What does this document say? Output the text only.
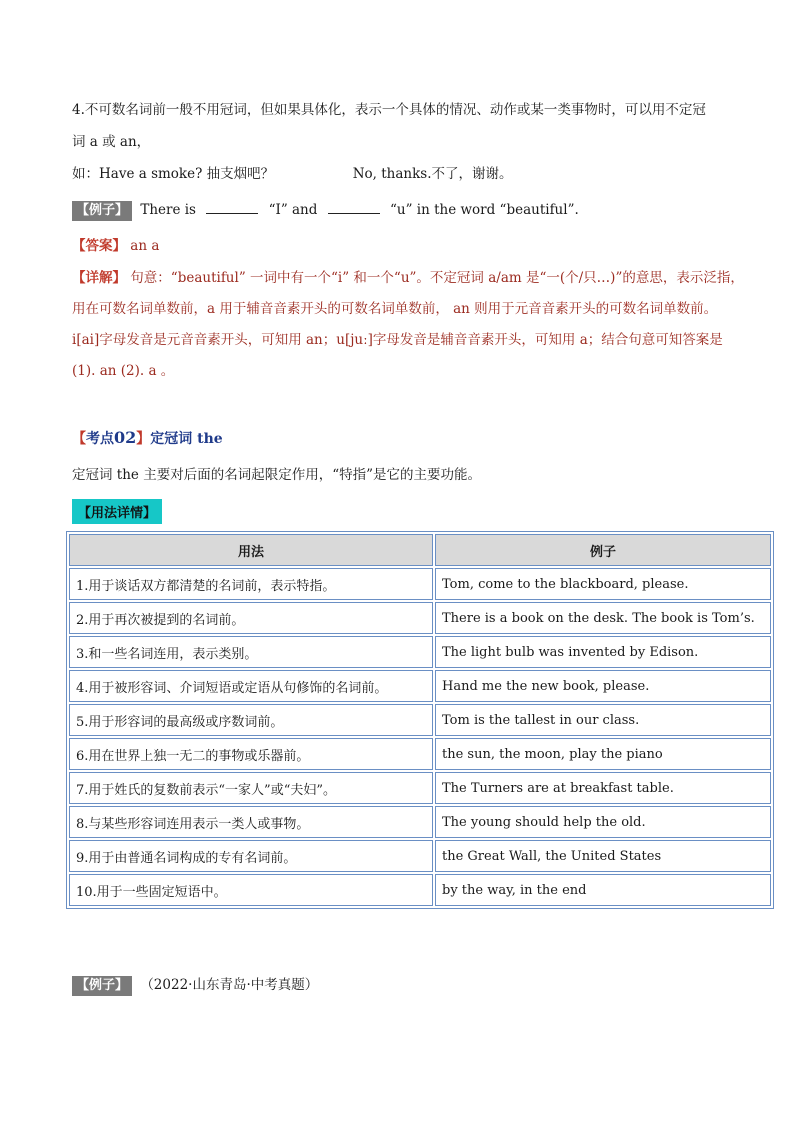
4.不可数名词前一般不用冠词，但如果具体化，表示一个具体的情况、动作或某一类事物时，可以用不定冠
词 a 或 an，
如：Have a smoke? 抽支烟吧？	No, thanks.不了，谢谢。
【例子】 There is	“I” and	“u” in the word “beautiful”.
【答案】 an a
【详解】 句意：“beautiful” 一词中有一个“i” 和一个“u”。不定冠词 a/am 是“一(个/只…)”的意思，表示泛指，
用在可数名词单数前，a 用于辅音音素开头的可数名词单数前， an 则用于元音音素开头的可数名词单数前。
i[ai]字母发音是元音音素开头，可知用 an；u[juː]字母发音是辅音音素开头，可知用 a；结合句意可知答案是
(1). an (2). a 。
【考点02】定冠词 the
定冠词 the 主要对后面的名词起限定作用，“特指”是它的主要功能。
【用法详情】
用法	例子
1.用于谈话双方都清楚的名词前，表示特指。	Tom, come to the blackboard, please.
2.用于再次被提到的名词前。	There is a book on the desk. The book is Tom’s.
3.和一些名词连用，表示类别。	The light bulb was invented by Edison.
4.用于被形容词、介词短语或定语从句修饰的名词前。	Hand me the new book, please.
5.用于形容词的最高级或序数词前。	Tom is the tallest in our class.
6.用在世界上独一无二的事物或乐器前。	the sun, the moon, play the piano
7.用于姓氏的复数前表示“一家人”或“夫妇”。	The Turners are at breakfast table.
8.与某些形容词连用表示一类人或事物。	The young should help the old.
9.用于由普通名词构成的专有名词前。	the Great Wall, the United States
10.用于一些固定短语中。	by the way, in the end
【例子】 （2022·山东青岛·中考真题）
